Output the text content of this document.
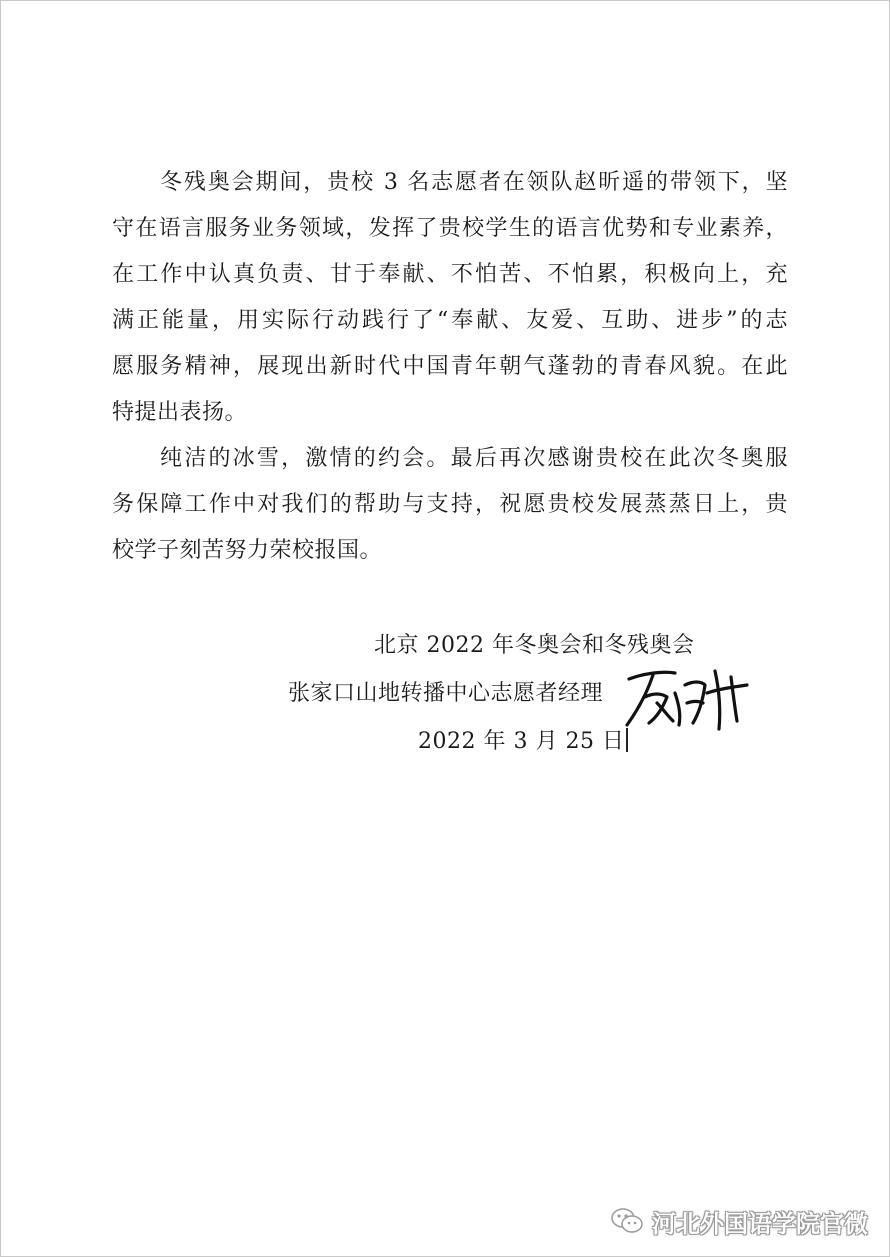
冬残奥会期间，贵校 3 名志愿者在领队赵昕遥的带领下，坚
守在语言服务业务领域，发挥了贵校学生的语言优势和专业素养，
在工作中认真负责、甘于奉献、不怕苦、不怕累，积极向上，充
满正能量，用实际行动践行了“奉献、友爱、互助、进步”的志
愿服务精神，展现出新时代中国青年朝气蓬勃的青春风貌。在此
特提出表扬。
纯洁的冰雪，激情的约会。最后再次感谢贵校在此次冬奥服
务保障工作中对我们的帮助与支持，祝愿贵校发展蒸蒸日上，贵
校学子刻苦努力荣校报国。
北京 2022 年冬奥会和冬残奥会
张家口山地转播中心志愿者经理
2022 年 3 月 25 日
河北外国语学院官微
